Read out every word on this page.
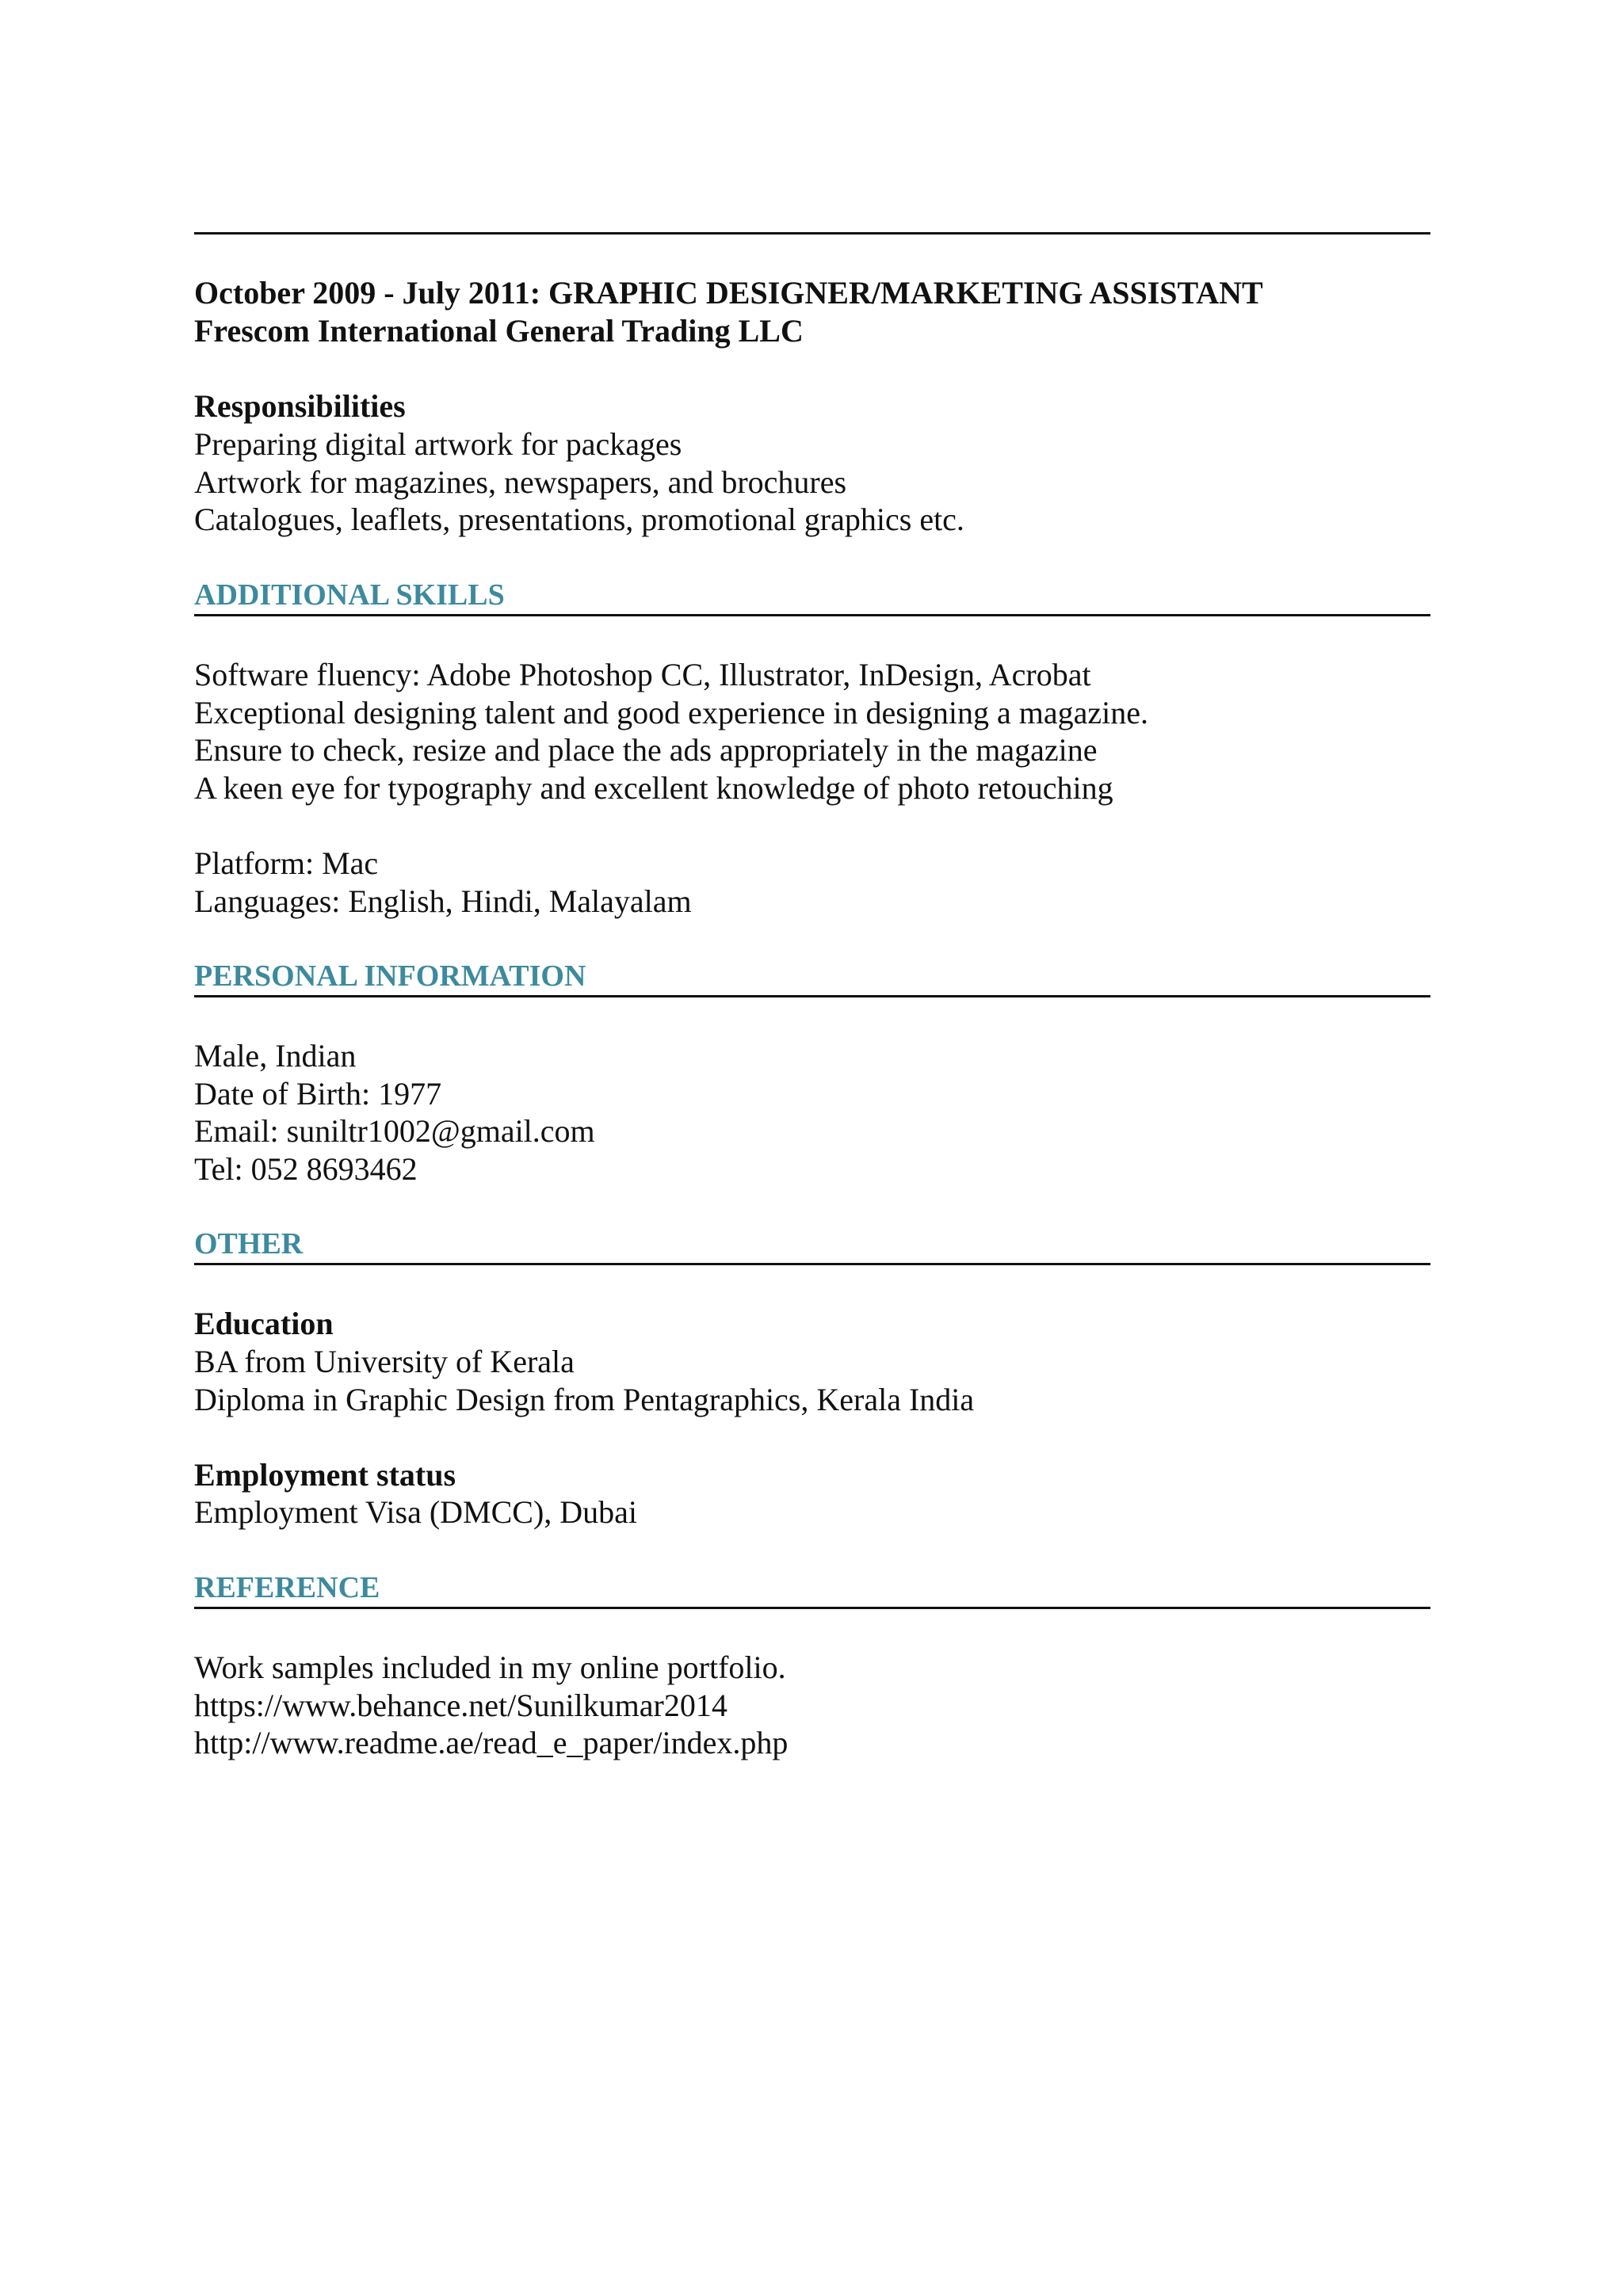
October 2009 - July 2011: GRAPHIC DESIGNER/MARKETING ASSISTANT
Frescom International General Trading LLC
Responsibilities
Preparing digital artwork for packages
Artwork for magazines, newspapers, and brochures
Catalogues, leaflets, presentations, promotional graphics etc.
ADDITIONAL SKILLS
Software fluency: Adobe Photoshop CC, Illustrator, InDesign, Acrobat
Exceptional designing talent and good experience in designing a magazine.
Ensure to check, resize and place the ads appropriately in the magazine
A keen eye for typography and excellent knowledge of photo retouching
Platform: Mac
Languages: English, Hindi, Malayalam
PERSONAL INFORMATION
Male, Indian
Date of Birth: 1977
Email: suniltr1002@gmail.com
Tel: 052 8693462
OTHER
Education
BA from University of Kerala
Diploma in Graphic Design from Pentagraphics, Kerala India
Employment status
Employment Visa (DMCC), Dubai
REFERENCE
Work samples included in my online portfolio.
https://www.behance.net/Sunilkumar2014
http://www.readme.ae/read_e_paper/index.php
